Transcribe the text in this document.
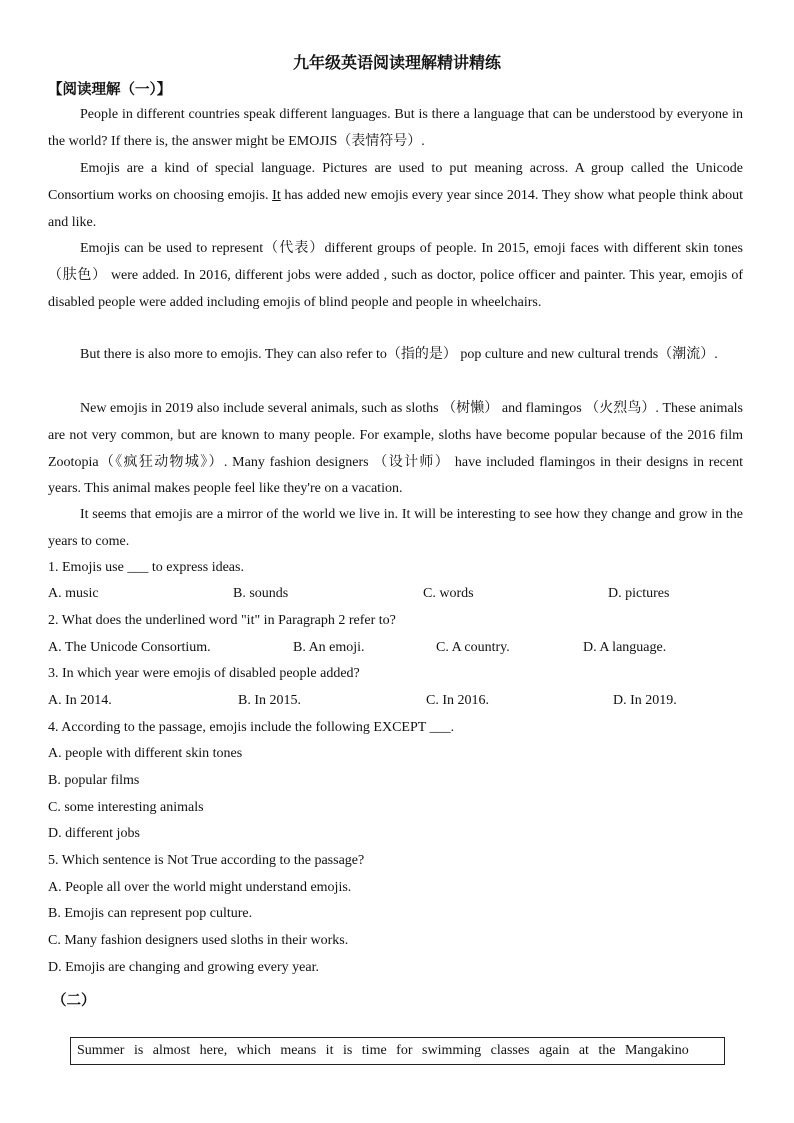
九年级英语阅读理解精讲精练
【阅读理解（一）】
People in different countries speak different languages. But is there a language that can be understood by everyone in the world? If there is, the answer might be EMOJIS（表情符号）.
Emojis are a kind of special language. Pictures are used to put meaning across. A group called the Unicode Consortium works on choosing emojis. It has added new emojis every year since 2014. They show what people think about and like.
Emojis can be used to represent（代表）different groups of people. In 2015, emoji faces with different skin tones （肤色） were added. In 2016, different jobs were added , such as doctor, police officer and painter. This year, emojis of disabled people were added including emojis of blind people and people in wheelchairs.
But there is also more to emojis. They can also refer to（指的是） pop culture and new cultural trends（潮流）.
New emojis in 2019 also include several animals, such as sloths （树懒） and flamingos （火烈鸟）. These animals are not very common, but are known to many people. For example, sloths have become popular because of the 2016 film Zootopia（《疯狂动物城》）. Many fashion designers （设计师） have included flamingos in their designs in recent years. This animal makes people feel like they're on a vacation.
It seems that emojis are a mirror of the world we live in. It will be interesting to see how they change and grow in the years to come.
1. Emojis use ___ to express ideas.
A. music	B. sounds	C. words	D. pictures
2. What does the underlined word "it" in Paragraph 2 refer to?
A. The Unicode Consortium.	B. An emoji.	C. A country.	D. A language.
3. In which year were emojis of disabled people added?
A. In 2014.	B. In 2015.	C. In 2016.	D. In 2019.
4. According to the passage, emojis include the following EXCEPT ___.
A. people with different skin tones
B. popular films
C. some interesting animals
D. different jobs
5. Which sentence is Not True according to the passage?
A. People all over the world might understand emojis.
B. Emojis can represent pop culture.
C. Many fashion designers used sloths in their works.
D. Emojis are changing and growing every year.
（二）
Summer is almost here, which means it is time for swimming classes again at the Mangakino
